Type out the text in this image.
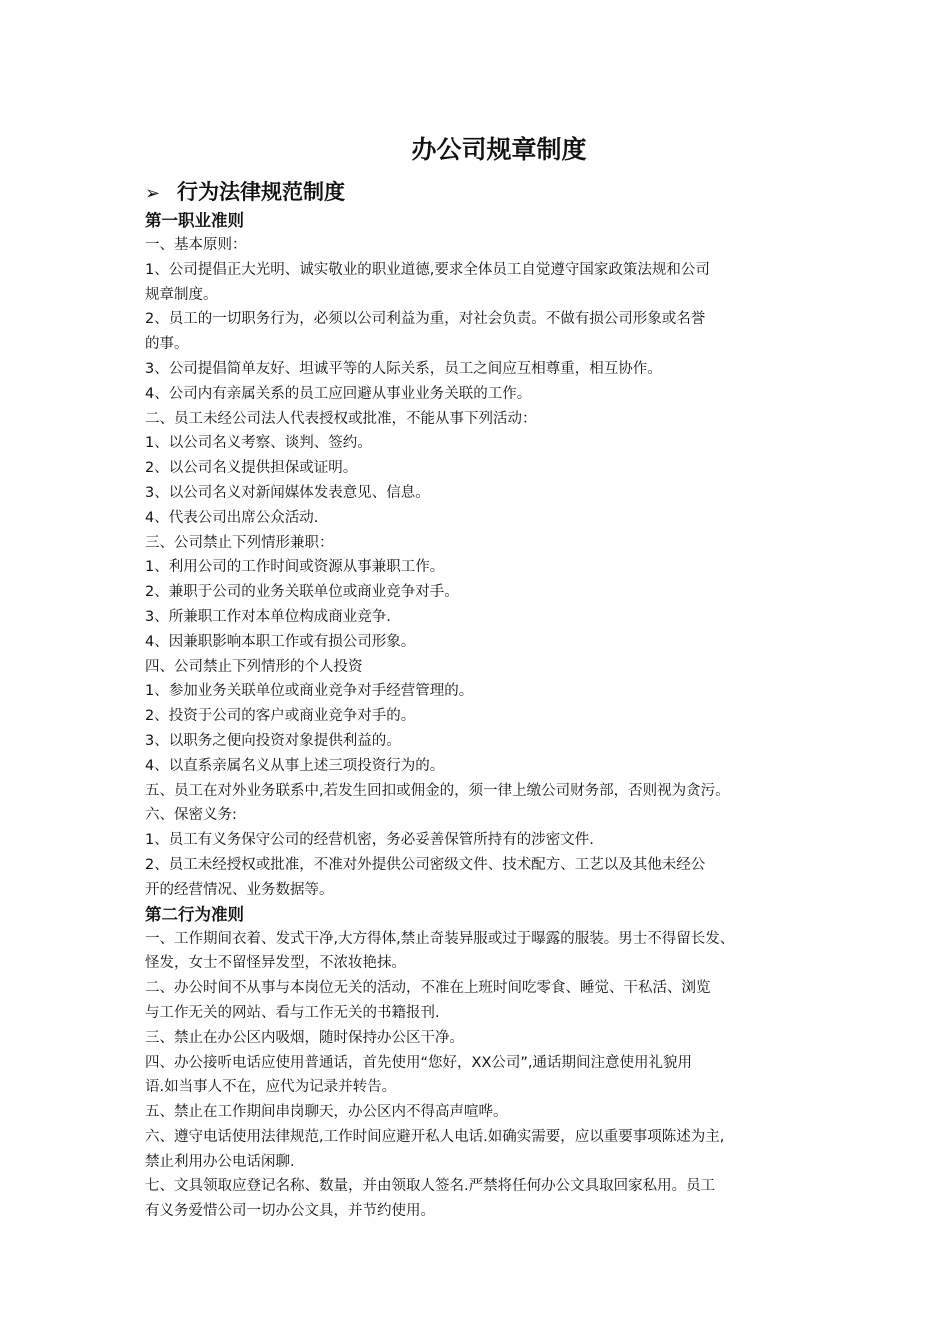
办公司规章制度
➢ 行为法律规范制度
第一职业准则
一、基本原则：
1、公司提倡正大光明、诚实敬业的职业道德,要求全体员工自觉遵守国家政策法规和公司
规章制度。
2、员工的一切职务行为，必须以公司利益为重，对社会负责。不做有损公司形象或名誉
的事。
3、公司提倡简单友好、坦诚平等的人际关系，员工之间应互相尊重，相互协作。
4、公司内有亲属关系的员工应回避从事业业务关联的工作。
二、员工未经公司法人代表授权或批准，不能从事下列活动：
1、以公司名义考察、谈判、签约。
2、以公司名义提供担保或证明。
3、以公司名义对新闻媒体发表意见、信息。
4、代表公司出席公众活动.
三、公司禁止下列情形兼职：
1、利用公司的工作时间或资源从事兼职工作。
2、兼职于公司的业务关联单位或商业竞争对手。
3、所兼职工作对本单位构成商业竞争.
4、因兼职影响本职工作或有损公司形象。
四、公司禁止下列情形的个人投资
1、参加业务关联单位或商业竞争对手经营管理的。
2、投资于公司的客户或商业竞争对手的。
3、以职务之便向投资对象提供利益的。
4、以直系亲属名义从事上述三项投资行为的。
五、员工在对外业务联系中,若发生回扣或佣金的，须一律上缴公司财务部，否则视为贪污。
六、保密义务:
1、员工有义务保守公司的经营机密，务必妥善保管所持有的涉密文件.
2、员工未经授权或批准，不准对外提供公司密级文件、技术配方、工艺以及其他未经公
开的经营情况、业务数据等。
第二行为准则
一、工作期间衣着、发式干净,大方得体,禁止奇装异服或过于曝露的服装。男士不得留长发、
怪发，女士不留怪异发型，不浓妆艳抹。
二、办公时间不从事与本岗位无关的活动，不准在上班时间吃零食、睡觉、干私活、浏览
与工作无关的网站、看与工作无关的书籍报刊.
三、禁止在办公区内吸烟，随时保持办公区干净。
四、办公接听电话应使用普通话，首先使用“您好，XX公司”,通话期间注意使用礼貌用
语.如当事人不在，应代为记录并转告。
五、禁止在工作期间串岗聊天，办公区内不得高声喧哗。
六、遵守电话使用法律规范,工作时间应避开私人电话.如确实需要，应以重要事项陈述为主,
禁止利用办公电话闲聊.
七、文具领取应登记名称、数量，并由领取人签名.严禁将任何办公文具取回家私用。员工
有义务爱惜公司一切办公文具，并节约使用。
